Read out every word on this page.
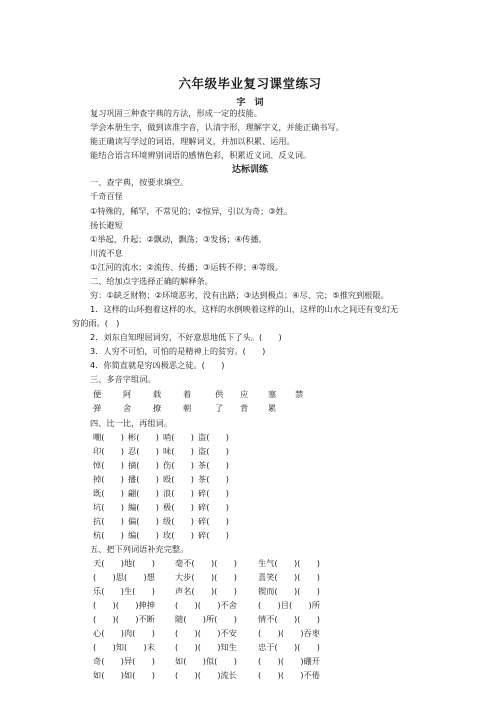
六年级毕业复习课堂练习
字　词
复习巩固三种查字典的方法，形成一定的技能。
学会本册生字，做到读准字音，认清字形，理解字义，并能正确书写。
能正确读写学过的词语，理解词义，并加以积累、运用。
能结合语言环境辨别词语的感情色彩，积累近义词、反义词。
达标训练
一、查字典，按要求填空。
千奇百怪
①特殊的，稀罕，不常见的；②惊异，引以为奇；③姓。
扬长避短
①举起，升起；②飘动，飘荡；③发扬；④传播。
川流不息
①江河的流水；②流传、传播；③运转不停；④等级。
二、给加点字选择正确的解释条。
穷：①缺乏财物；②环境恶劣，没有出路；③达到极点；④尽、完；⑤推究到根限。
1．这样的山环抱着这样的水，这样的水倒映着这样的山，这样的山水之间还有变幻无
穷的雨。(　)
2．刘东自知理屈词穷，不好意思地低下了头。(　　)
3．人穷不可怕，可怕的是精神上的贫穷。(　　)
4．你简直就是穷凶极恶之徒。(　　)
三、多音字组词。
便	阿	载	着	供 应 塞 禁
弹	舍	撩	朝	了 背 累
四、比一比，再组词。
嘲(　　) 彬(　　) 哨(　　) 盗(　　)
印(　　) 忍(　　) 味(　　) 盗(　　)
悼(　　) 摘(　　) 伤(　　) 茶(　　)
掉(　　) 播(　　) 殴(　　) 茶(　　)
既(　　) 翩(　　) 浪(　　) 碎(　　)
坑(　　) 編(　　) 极(　　) 碎(　　)
抗(　　) 偏(　　) 级(　　) 碎(　　)
杭(　　) 编(　　) 玫(　　) 碎(　　)
五、把下列词语补充完整。
天(　　)地(　　) 毫不(　　)(　　)	生气(　　)(　　)
(　　)思(　　)想 大步(　　)(　　)	喜笑(　　)(　　)
乐(　　)生(　　) 声名(　　)(　　)	锲而(　　)(　　)
(　　)(　　)抻抻 (　　)(　　)不舍	(　　)目(　　)所
(　　)(　　)不断 随(　　)所(　　)	情不(　　)(　　)
心(　　)肉(　　) (　　)(　　)不安	(　　)(　　)吞枣
(　　)知(　　)末 (　　)(　　)知生	忠于(　　)(　　)
奇(　　)异(　　) 如(　　)似(　　)	(　　)(　　)硼开
如(　　)如(　　) (　　)(　　)流长	(　　)(　　)不倦
